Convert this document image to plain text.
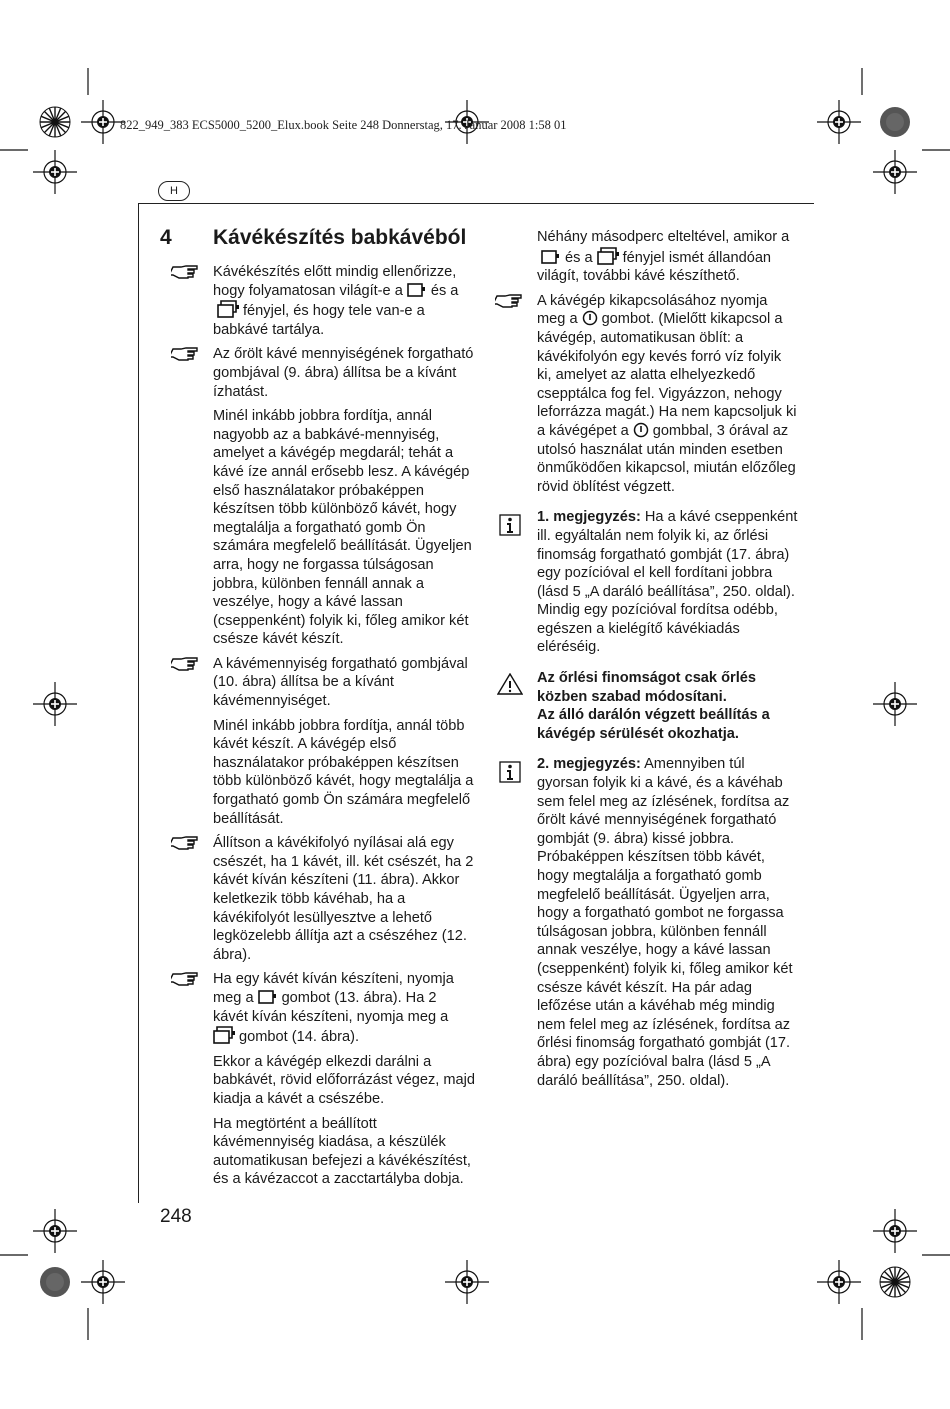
822_949_383 ECS5000_5200_Elux.book Seite 248 Donnerstag, 17. Januar 2008 1:58 01
H
4 Kávékészítés babkávéból

Kávékészítés előtt mindig ellenőrizze, hogy folyamatosan világít-e a és afényjel, és hogy tele van-e a babkávé tartálya.

Az őrölt kávé mennyiségének forgatható gombjával (9. ábra) állítsa be a kívánt ízhatást.

Minél inkább jobbra fordítja, annál nagyobb az a babkávé-mennyiség, amelyet a kávégép megdarál; tehát a kávé íze annál erősebb lesz. A kávégép első használatakor próbaképpen készítsen több különböző kávét, hogy megtalálja a forgatható gomb Ön számára megfelelő beállítását. Ügyeljen arra, hogy ne forgassa túlságosan jobbra, különben fennáll annak a veszélye, hogy a kávé lassan (cseppenként) folyik ki, főleg amikor két csésze kávét készít.

A kávémennyiség forgatható gombjával (10. ábra) állítsa be a kívánt kávémennyiséget.

Minél inkább jobbra fordítja, annál több kávét készít. A kávégép első használatakor próbaképpen készítsen több különböző kávét, hogy megtalálja a forgatható gomb Ön számára megfelelő beállítását.

Állítson a kávékifolyó nyílásai alá egy csészét, ha 1 kávét, ill. két csészét, ha 2 kávét kíván készíteni (11. ábra). Akkor keletkezik több kávéhab, ha a kávékifolyót lesüllyesztve a lehető legközelebb állítja azt a csészéhez (12. ábra).

Ha egy kávét kíván készíteni, nyomja meg a gombot (13. ábra). Ha 2 kávét kíván készíteni, nyomja meg a gombot (14. ábra).

Ekkor a kávégép elkezdi darálni a babkávét, rövid előforrázást végez, majd kiadja a kávét a csészébe.

Ha megtörtént a beállított kávémennyiség kiadása, a készülék automatikusan befejezi a kávékészítést, és a kávézaccot a zacctartályba dobja.

Néhány másodperc elteltével, amikor aés a fényjel ismét állandóan világít, további kávé készíthető.

A kávégép kikapcsolásához nyomja meg a gombot. (Mielőtt kikapcsol a kávégép, automatikusan öblít: a kávékifolyón egy kevés forró víz folyik ki, amelyet az alatta elhelyezkedő csepptálca fog fel. Vigyázzon, nehogy leforrázza magát.) Ha nem kapcsoljuk ki a kávégépet a gombbal, 3 órával az utolsó használat után minden esetben önműködően kikapcsol, miután előzőleg rövid öblítést végzett.

1. megjegyzés: Ha a kávé cseppenként ill. egyáltalán nem folyik ki, az őrlési finomság forgatható gombját (17. ábra) egy pozícióval el kell fordítani jobbra (lásd 5 „A daráló beállítása”, 250. oldal). Mindig egy pozícióval fordítsa odébb, egészen a kielégítő kávékiadás eléréséig.

Az őrlési finomságot csak őrlés közben szabad módosítani.
Az álló darálón végzett beállítás a kávégép sérülését okozhatja.

2. megjegyzés: Amennyiben túl gyorsan folyik ki a kávé, és a kávéhab sem felel meg az ízlésének, fordítsa az őrölt kávé mennyiségének forgatható gombját (9. ábra) kissé jobbra. Próbaképpen készítsen több kávét, hogy megtalálja a forgatható gomb megfelelő beállítását. Ügyeljen arra, hogy a forgatható gombot ne forgassa túlságosan jobbra, különben fennáll annak veszélye, hogy a kávé lassan (cseppenként) folyik ki, főleg amikor két csésze kávét készít. Ha pár adag lefőzése után a kávéhab még mindig nem felel meg az ízlésének, fordítsa az őrlési finomság forgatható gombját (17. ábra) egy pozícióval balra (lásd 5 „A daráló beállítása”, 250. oldal).

248
